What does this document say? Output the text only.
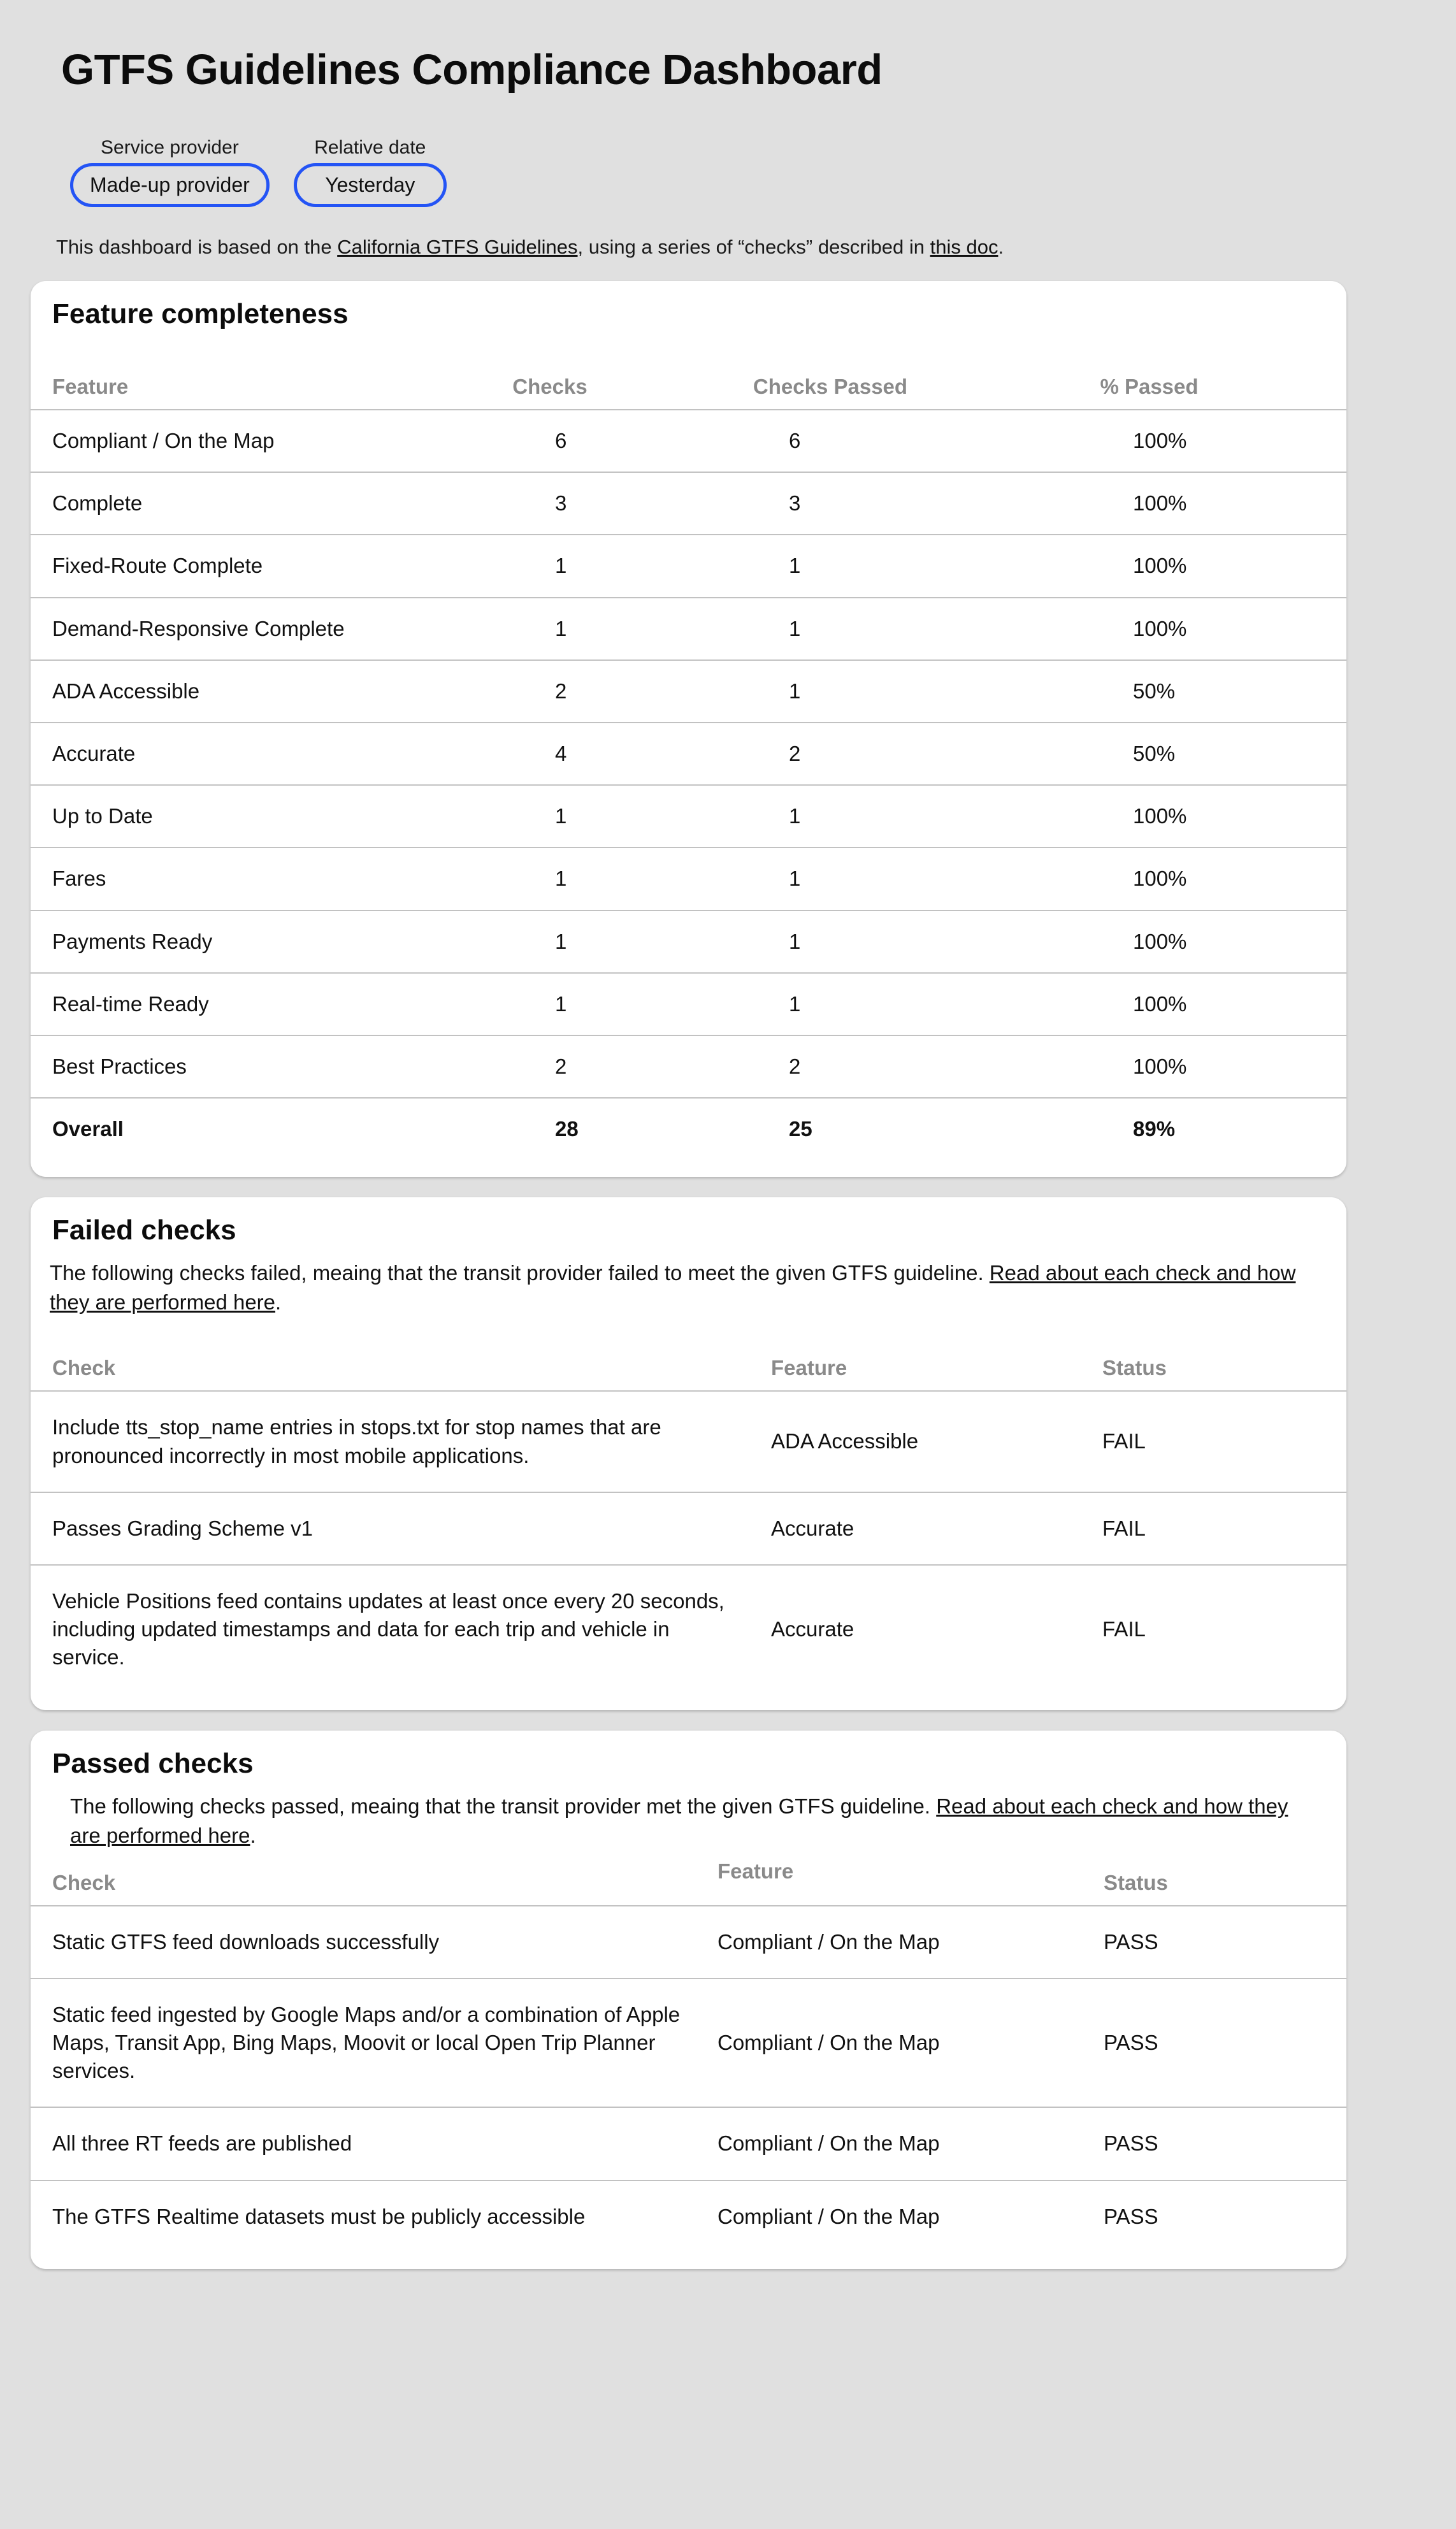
GTFS Guidelines Compliance Dashboard
Service provider
Made-up provider
Relative date
Yesterday
This dashboard is based on the California GTFS Guidelines, using a series of “checks” described in this doc.
Feature completeness
Feature	Checks	Checks Passed	% Passed
Compliant / On the Map	6	6	100%
Complete	3	3	100%
Fixed-Route Complete	1	1	100%
Demand-Responsive Complete	1	1	100%
ADA Accessible	2	1	50%
Accurate	4	2	50%
Up to Date	1	1	100%
Fares	1	1	100%
Payments Ready	1	1	100%
Real-time Ready	1	1	100%
Best Practices	2	2	100%
Overall	28	25	89%
Failed checks
The following checks failed, meaing that the transit provider failed to meet the given GTFS guideline. Read about each check and how they are performed here.
Check	Feature	Status
Include tts_stop_name entries in stops.txt for stop names that are pronounced incorrectly in most mobile applications.	ADA Accessible	FAIL
Passes Grading Scheme v1	Accurate	FAIL
Vehicle Positions feed contains updates at least once every 20 seconds, including updated timestamps and data for each trip and vehicle in service.	Accurate	FAIL
Passed checks
The following checks passed, meaing that the transit provider met the given GTFS guideline. Read about each check and how they are performed here.
Check	Feature	Status
Static GTFS feed downloads successfully	Compliant / On the Map	PASS
Static feed ingested by Google Maps and/or a combination of Apple Maps, Transit App, Bing Maps, Moovit or local Open Trip Planner services.	Compliant / On the Map	PASS
All three RT feeds are published	Compliant / On the Map	PASS
The GTFS Realtime datasets must be publicly accessible	Compliant / On the Map	PASS
